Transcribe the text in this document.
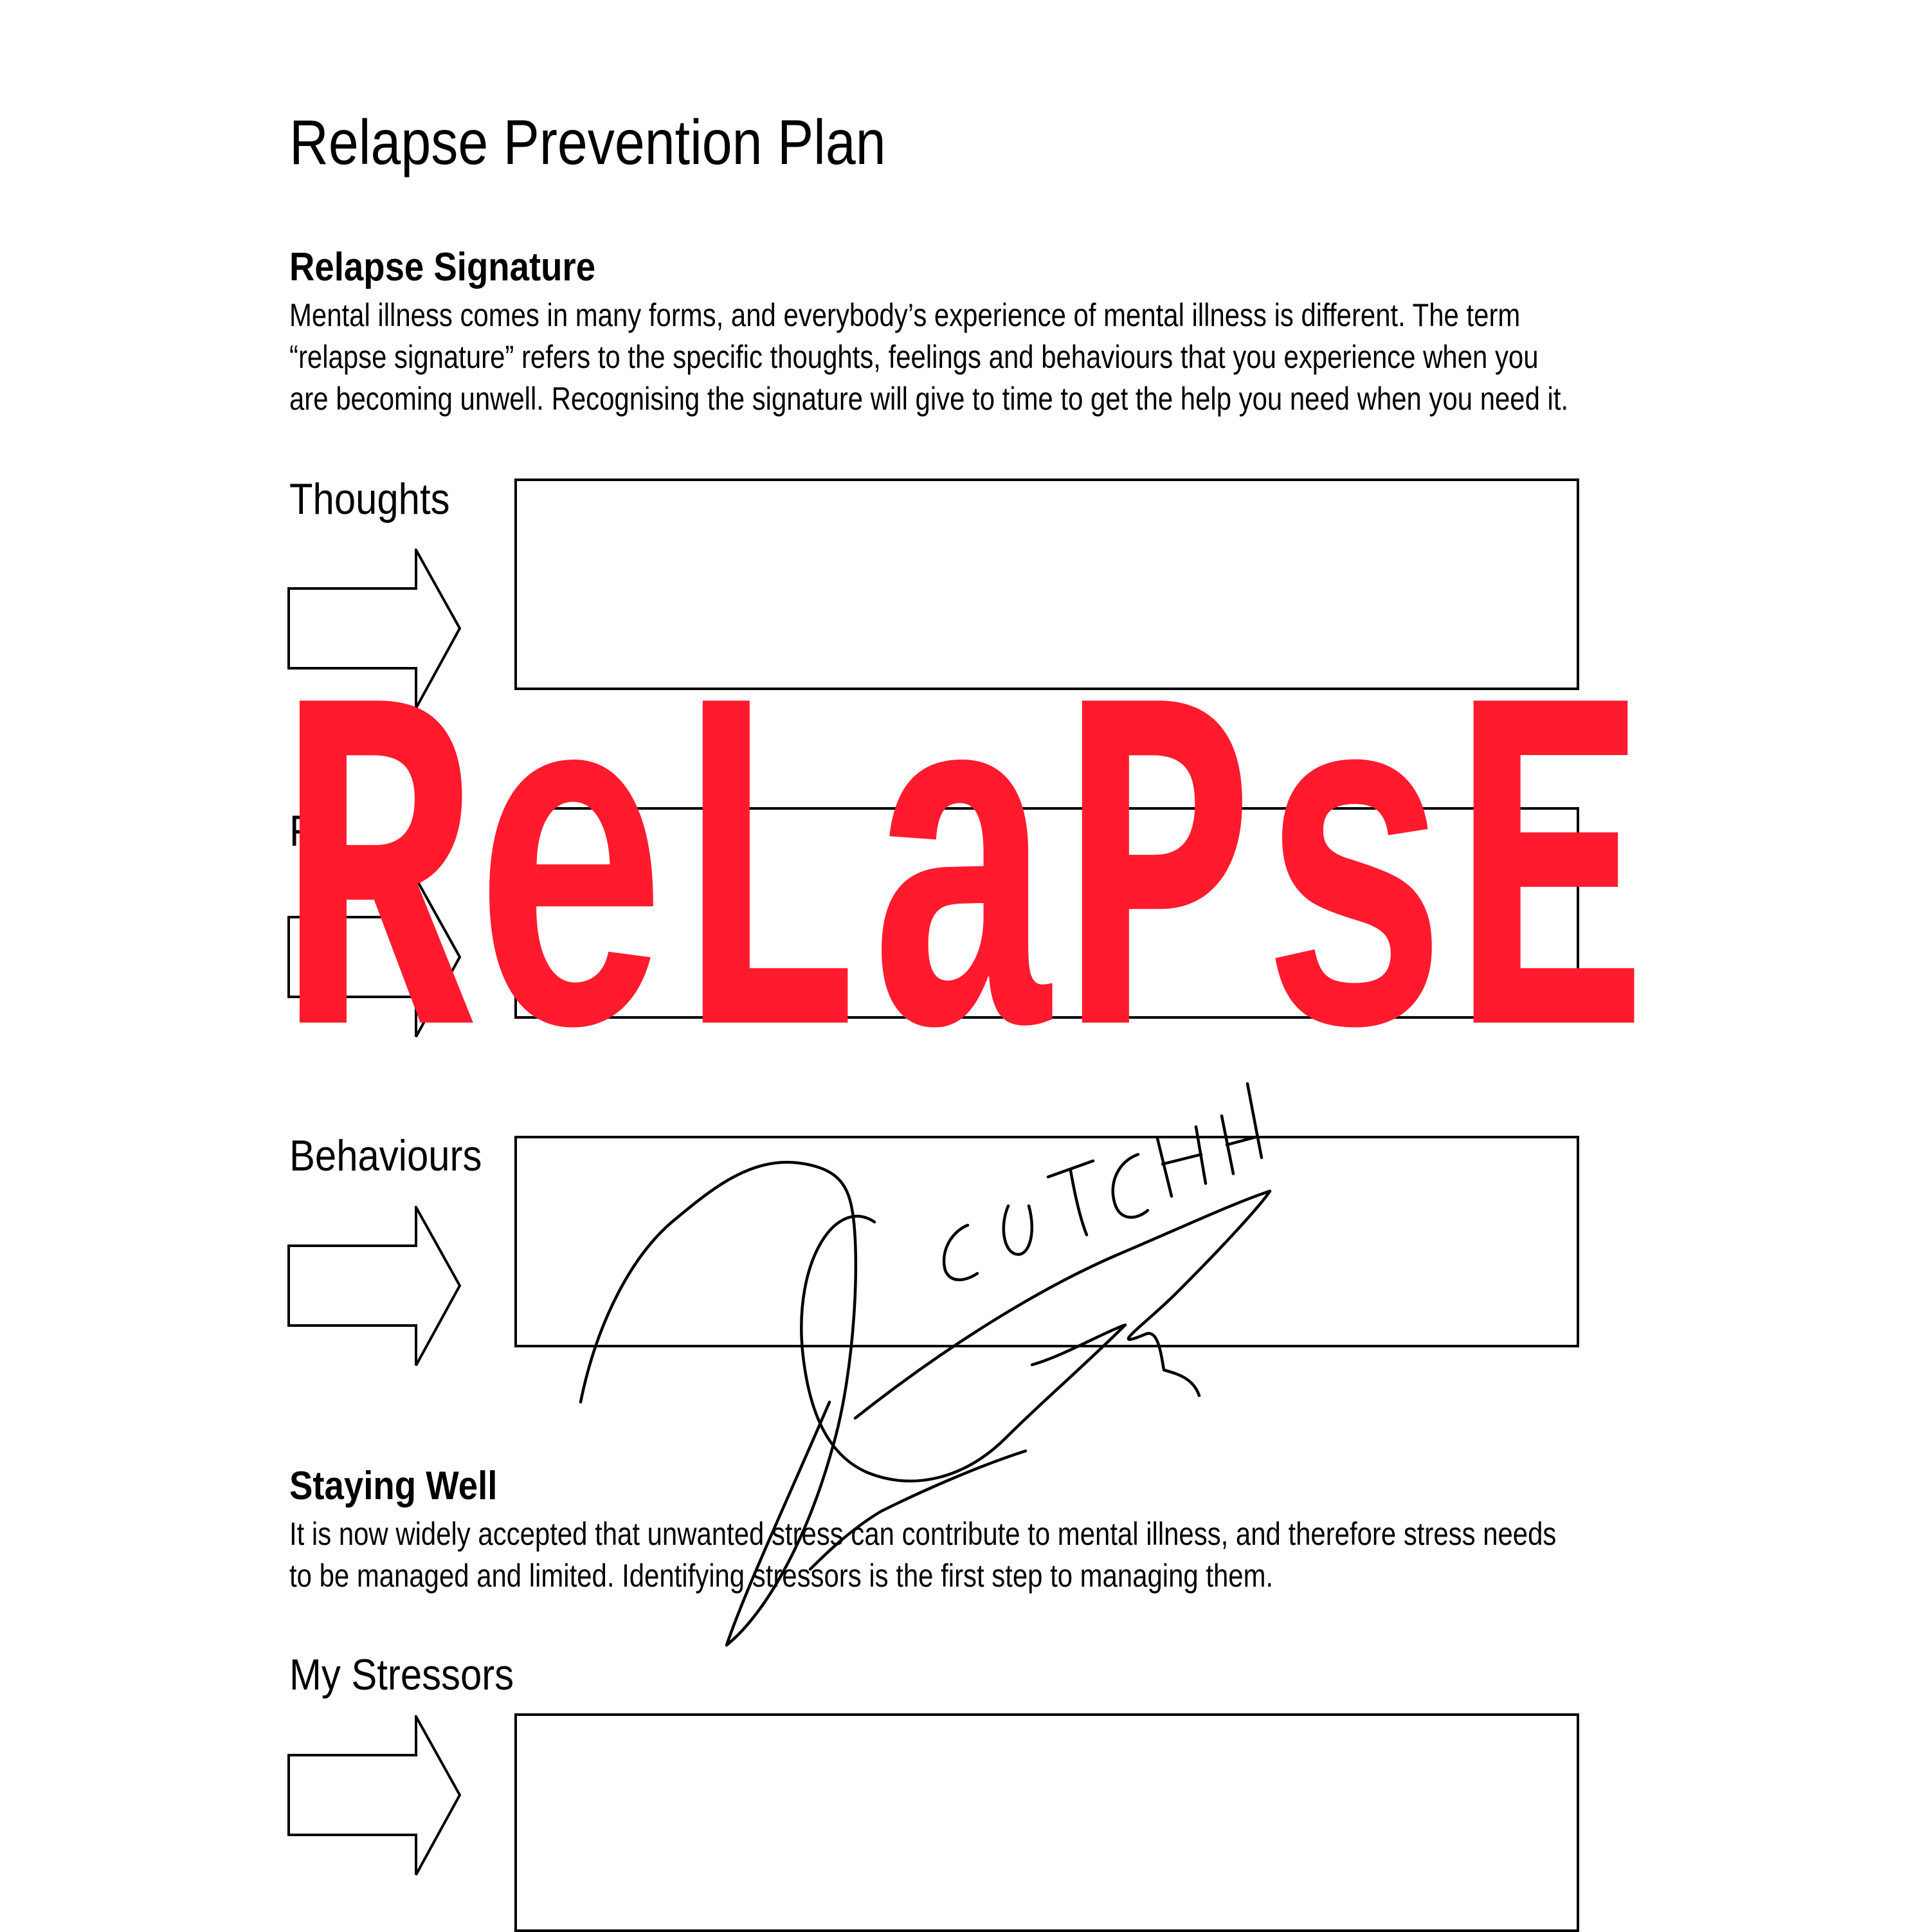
Relapse Prevention Plan
Relapse Signature
Mental illness comes in many forms, and everybody’s experience of mental illness is different. The term
“relapse signature” refers to the specific thoughts, feelings and behaviours that you experience when you
are becoming unwell. Recognising the signature will give to time to get the help you need when you need it.
Thoughts
F
Behaviours
Staying Well
It is now widely accepted that unwanted stress can contribute to mental illness, and therefore stress needs
to be managed and limited. Identifying stressors is the first step to managing them.
My Stressors
ReLaPsE
